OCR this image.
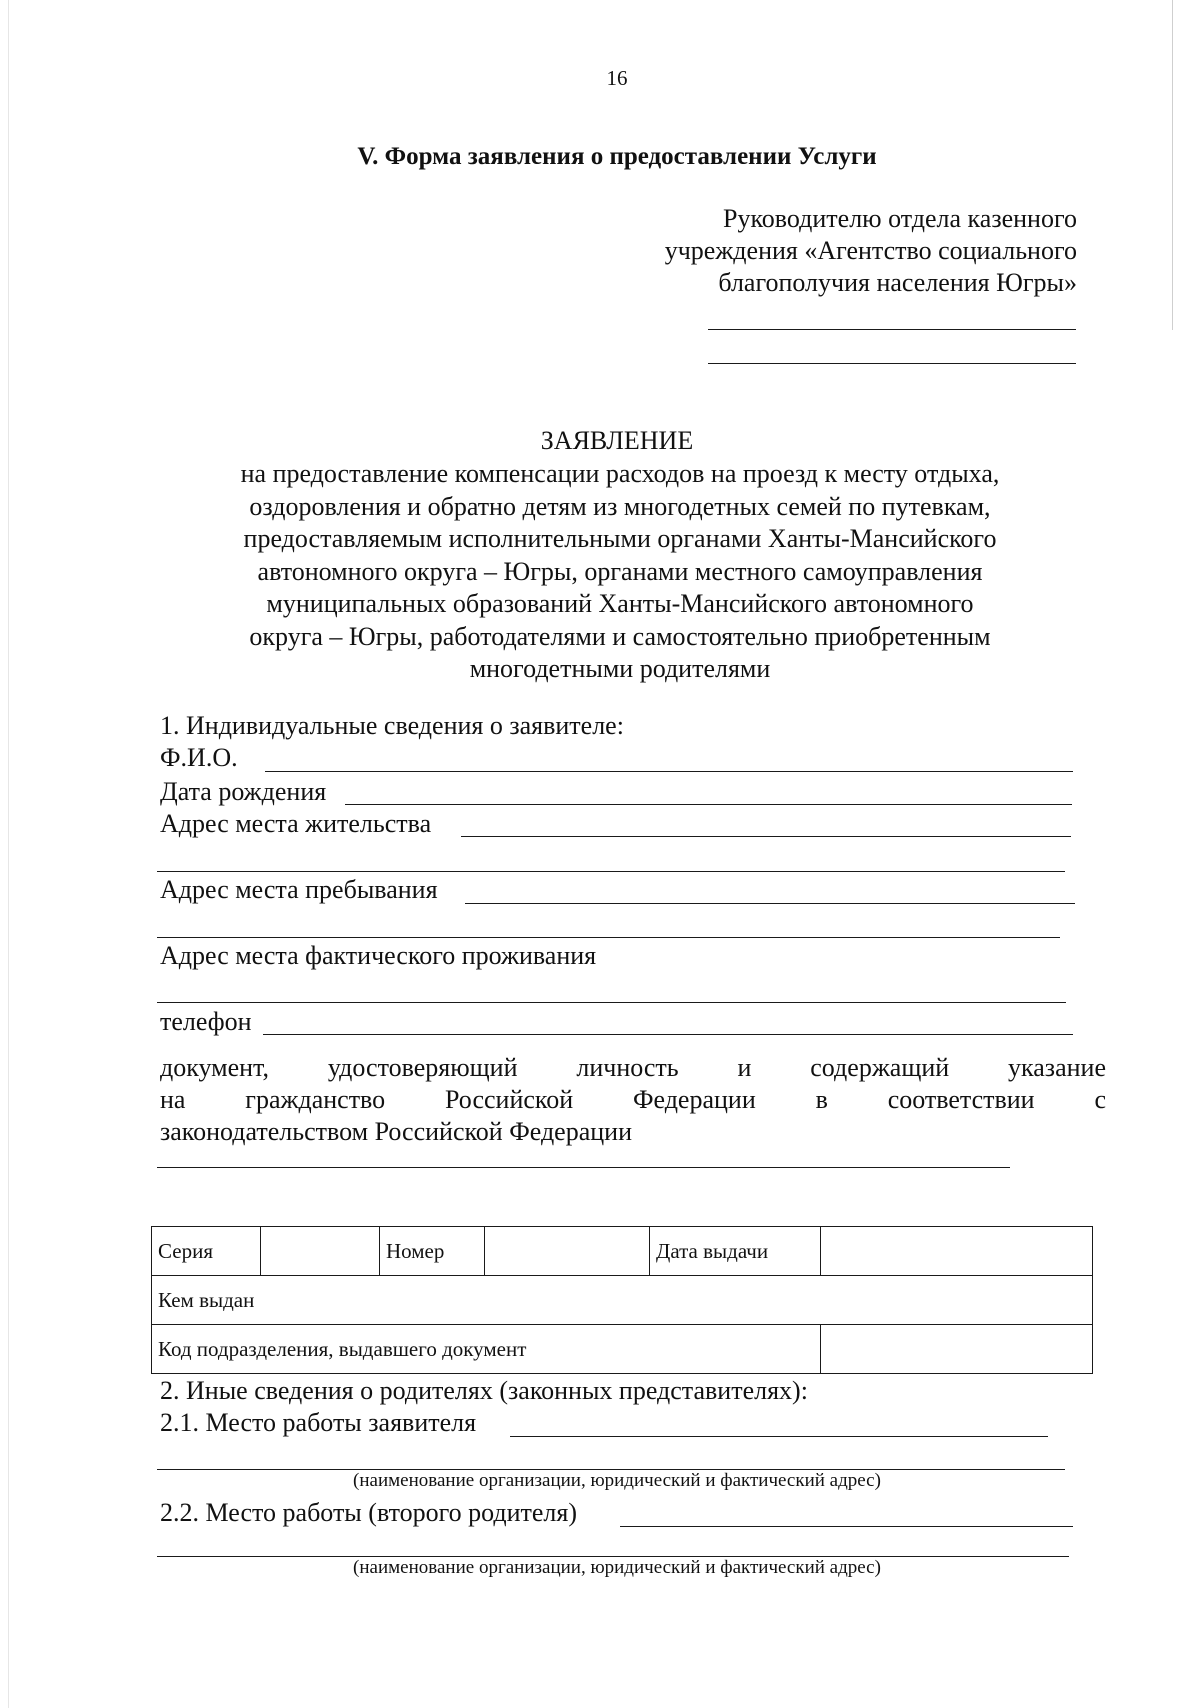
16
V. Форма заявления о предоставлении Услуги
Руководителю отдела казенного
учреждения «Агентство социального
благополучия населения Югры»
ЗАЯВЛЕНИЕ
на предоставление компенсации расходов на проезд к месту отдыха,
оздоровления и обратно детям из многодетных семей по путевкам,
предоставляемым исполнительными органами Ханты-Мансийского
автономного округа – Югры, органами местного самоуправления
муниципальных образований Ханты-Мансийского автономного
округа – Югры, работодателями и самостоятельно приобретенным
многодетными родителями
1. Индивидуальные сведения о заявителе:
Ф.И.О.
Дата рождения
Адрес места жительства
Адрес места пребывания
Адрес места фактического проживания
телефон
документ, удостоверяющий личность и содержащий указание
на гражданство Российской Федерации в соответствии с
законодательством Российской Федерации
Серия		Номер		Дата выдачи	
Кем выдан					
Код подразделения, выдавшего документ					
2. Иные сведения о родителях (законных представителях):
2.1. Место работы заявителя
(наименование организации, юридический и фактический адрес)
2.2. Место работы (второго родителя)
(наименование организации, юридический и фактический адрес)
